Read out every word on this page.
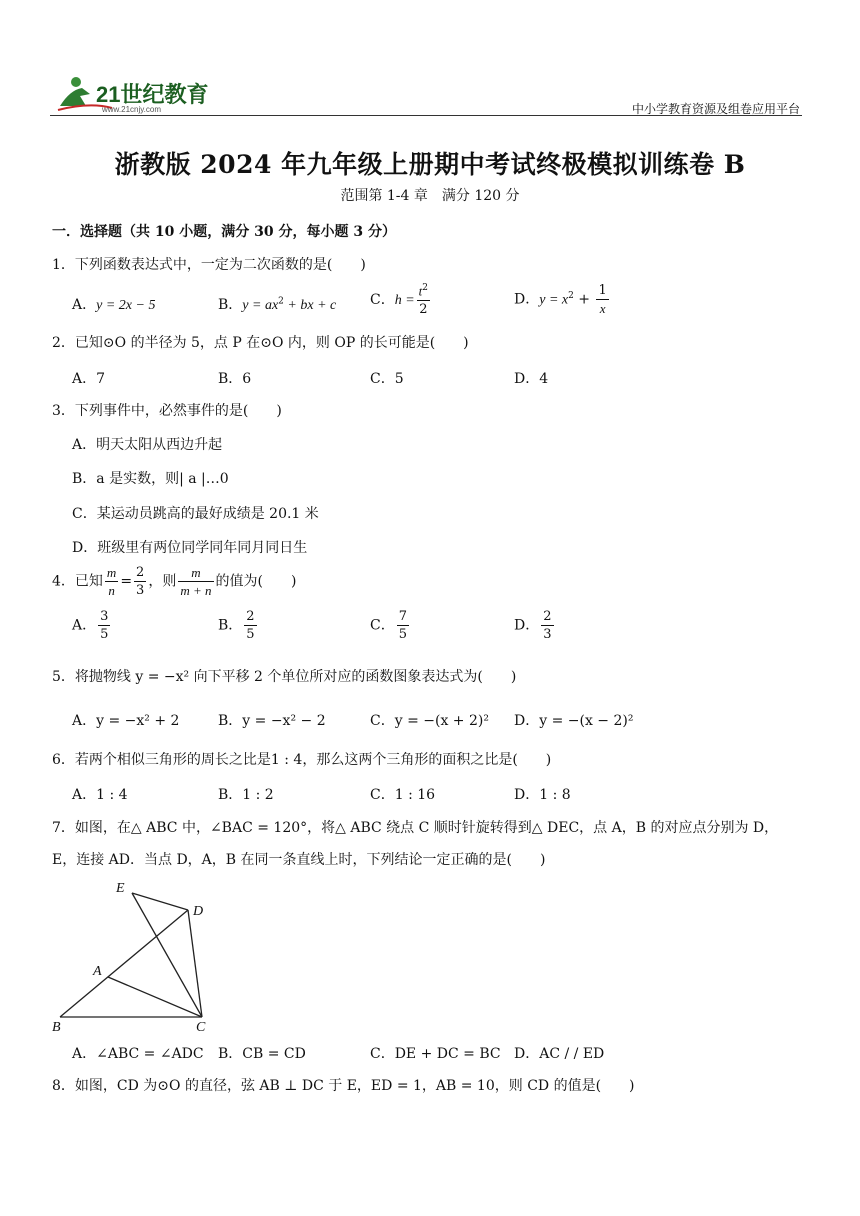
21世纪教育
www.21cnjy.com	中小学教育资源及组卷应用平台
浙教版 2024 年九年级上册期中考试终极模拟训练卷 B
范围第 1-4 章　满分 120 分
一．选择题（共 10 小题，满分 30 分，每小题 3 分）
1．下列函数表达式中，一定为二次函数的是(　　)
A．y = 2x − 5	B．$y = ax^2$ + bx + c C．$h = \frac{t^2}{2}$	D．$y = x^2 + \frac{1}{x}$
2．已知⊙O 的半径为 5，点 P 在⊙O 内，则 OP 的长可能是(　　)
A．7	B．6	C．5	D．4
3．下列事件中，必然事件的是(　　)
A．明天太阳从西边升起
B．a 是实数，则| a |…0
C．某运动员跳高的最好成绩是 20.1 米
D．班级里有两位同学同年同月同日生
4．已知 $\frac{m}{n} = \frac{2}{3}$ ，则 $\frac{m}{m + n}$ 的值为(　　)
A． $\frac{3}{5}$	B． $\frac{2}{5}$	C． $\frac{7}{5}$	D． $\frac{2}{3}$
5．将抛物线 y = −x² 向下平移 2 个单位所对应的函数图象表达式为(　　)
A．y = −x² + 2	B．y = −x² − 2	C．y = −(x + 2)² D．y = −(x − 2)²
6．若两个相似三角形的周长之比是1 : 4，那么这两个三角形的面积之比是(　　)
A．1 : 4	B．1 : 2	C．1 : 16	D．1 : 8
7．如图，在△ ABC 中，∠BAC = 120°，将△ ABC 绕点 C 顺时针旋转得到△ DEC，点 A，B 的对应点分别为 D，
E，连接 AD．当点 D，A，B 在同一条直线上时，下列结论一定正确的是(　　)
E
D
A
B	C
A．∠ABC = ∠ADC B．CB = CD	C．DE + DC = BC D．AC / / ED
8．如图，CD 为⊙O 的直径，弦 AB ⊥ DC 于 E，ED = 1，AB = 10，则 CD 的值是(　　)
